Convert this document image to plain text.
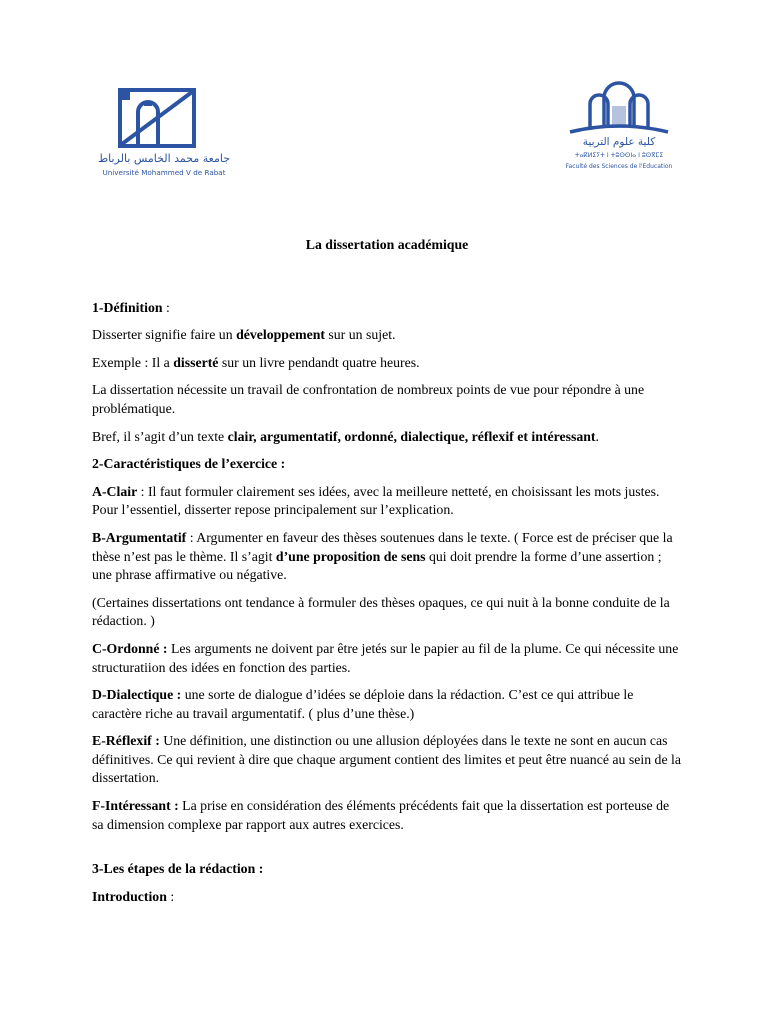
جامعة محمد الخامس بالرباط
Université Mohammed V de Rabat
كلية علوم التربية
ⵜⴰⴽⵍⵉⵢⵜ ⵏ ⵜⵓⵙⵙⵏⴰ ⵏ ⵓⵙⴳⵎⵉ
Faculté des Sciences de l'Education

La dissertation académique

1-Définition :

Disserter signifie faire un développement sur un sujet.

Exemple : Il a disserté sur un livre pendandt quatre heures.

La dissertation nécessite un travail de confrontation de nombreux points de vue pour répondre à une problématique.

Bref, il s’agit d’un texte clair, argumentatif, ordonné, dialectique, réflexif et intéressant.

2-Caractéristiques de l’exercice :

A-Clair : Il faut formuler clairement ses idées, avec la meilleure netteté, en choisissant les mots justes. Pour l’essentiel, disserter repose principalement sur l’explication.

B-Argumentatif : Argumenter en faveur des thèses soutenues dans le texte. ( Force est de préciser que la thèse n’est pas le thème. Il s’agit d’une proposition de sens qui doit prendre la forme d’une assertion ; une phrase affirmative ou négative.

(Certaines dissertations ont tendance à formuler des thèses opaques, ce qui nuit à la bonne conduite de la rédaction. )

C-Ordonné : Les arguments ne doivent par être jetés sur le papier au fil de la plume. Ce qui nécessite une structuratiion des idées en fonction des parties.

D-Dialectique : une sorte de dialogue d’idées se déploie dans la rédaction. C’est ce qui attribue le caractère riche au travail argumentatif. ( plus d’une thèse.)

E-Réflexif : Une définition, une distinction ou une allusion déployées dans le texte ne sont en aucun cas définitives. Ce qui revient à dire que chaque argument contient des limites et peut être nuancé au sein de la dissertation.

F-Intéressant : La prise en considération des éléments précédents fait que la dissertation est porteuse de sa dimension complexe par rapport aux autres exercices.

3-Les étapes de la rédaction :

Introduction :
